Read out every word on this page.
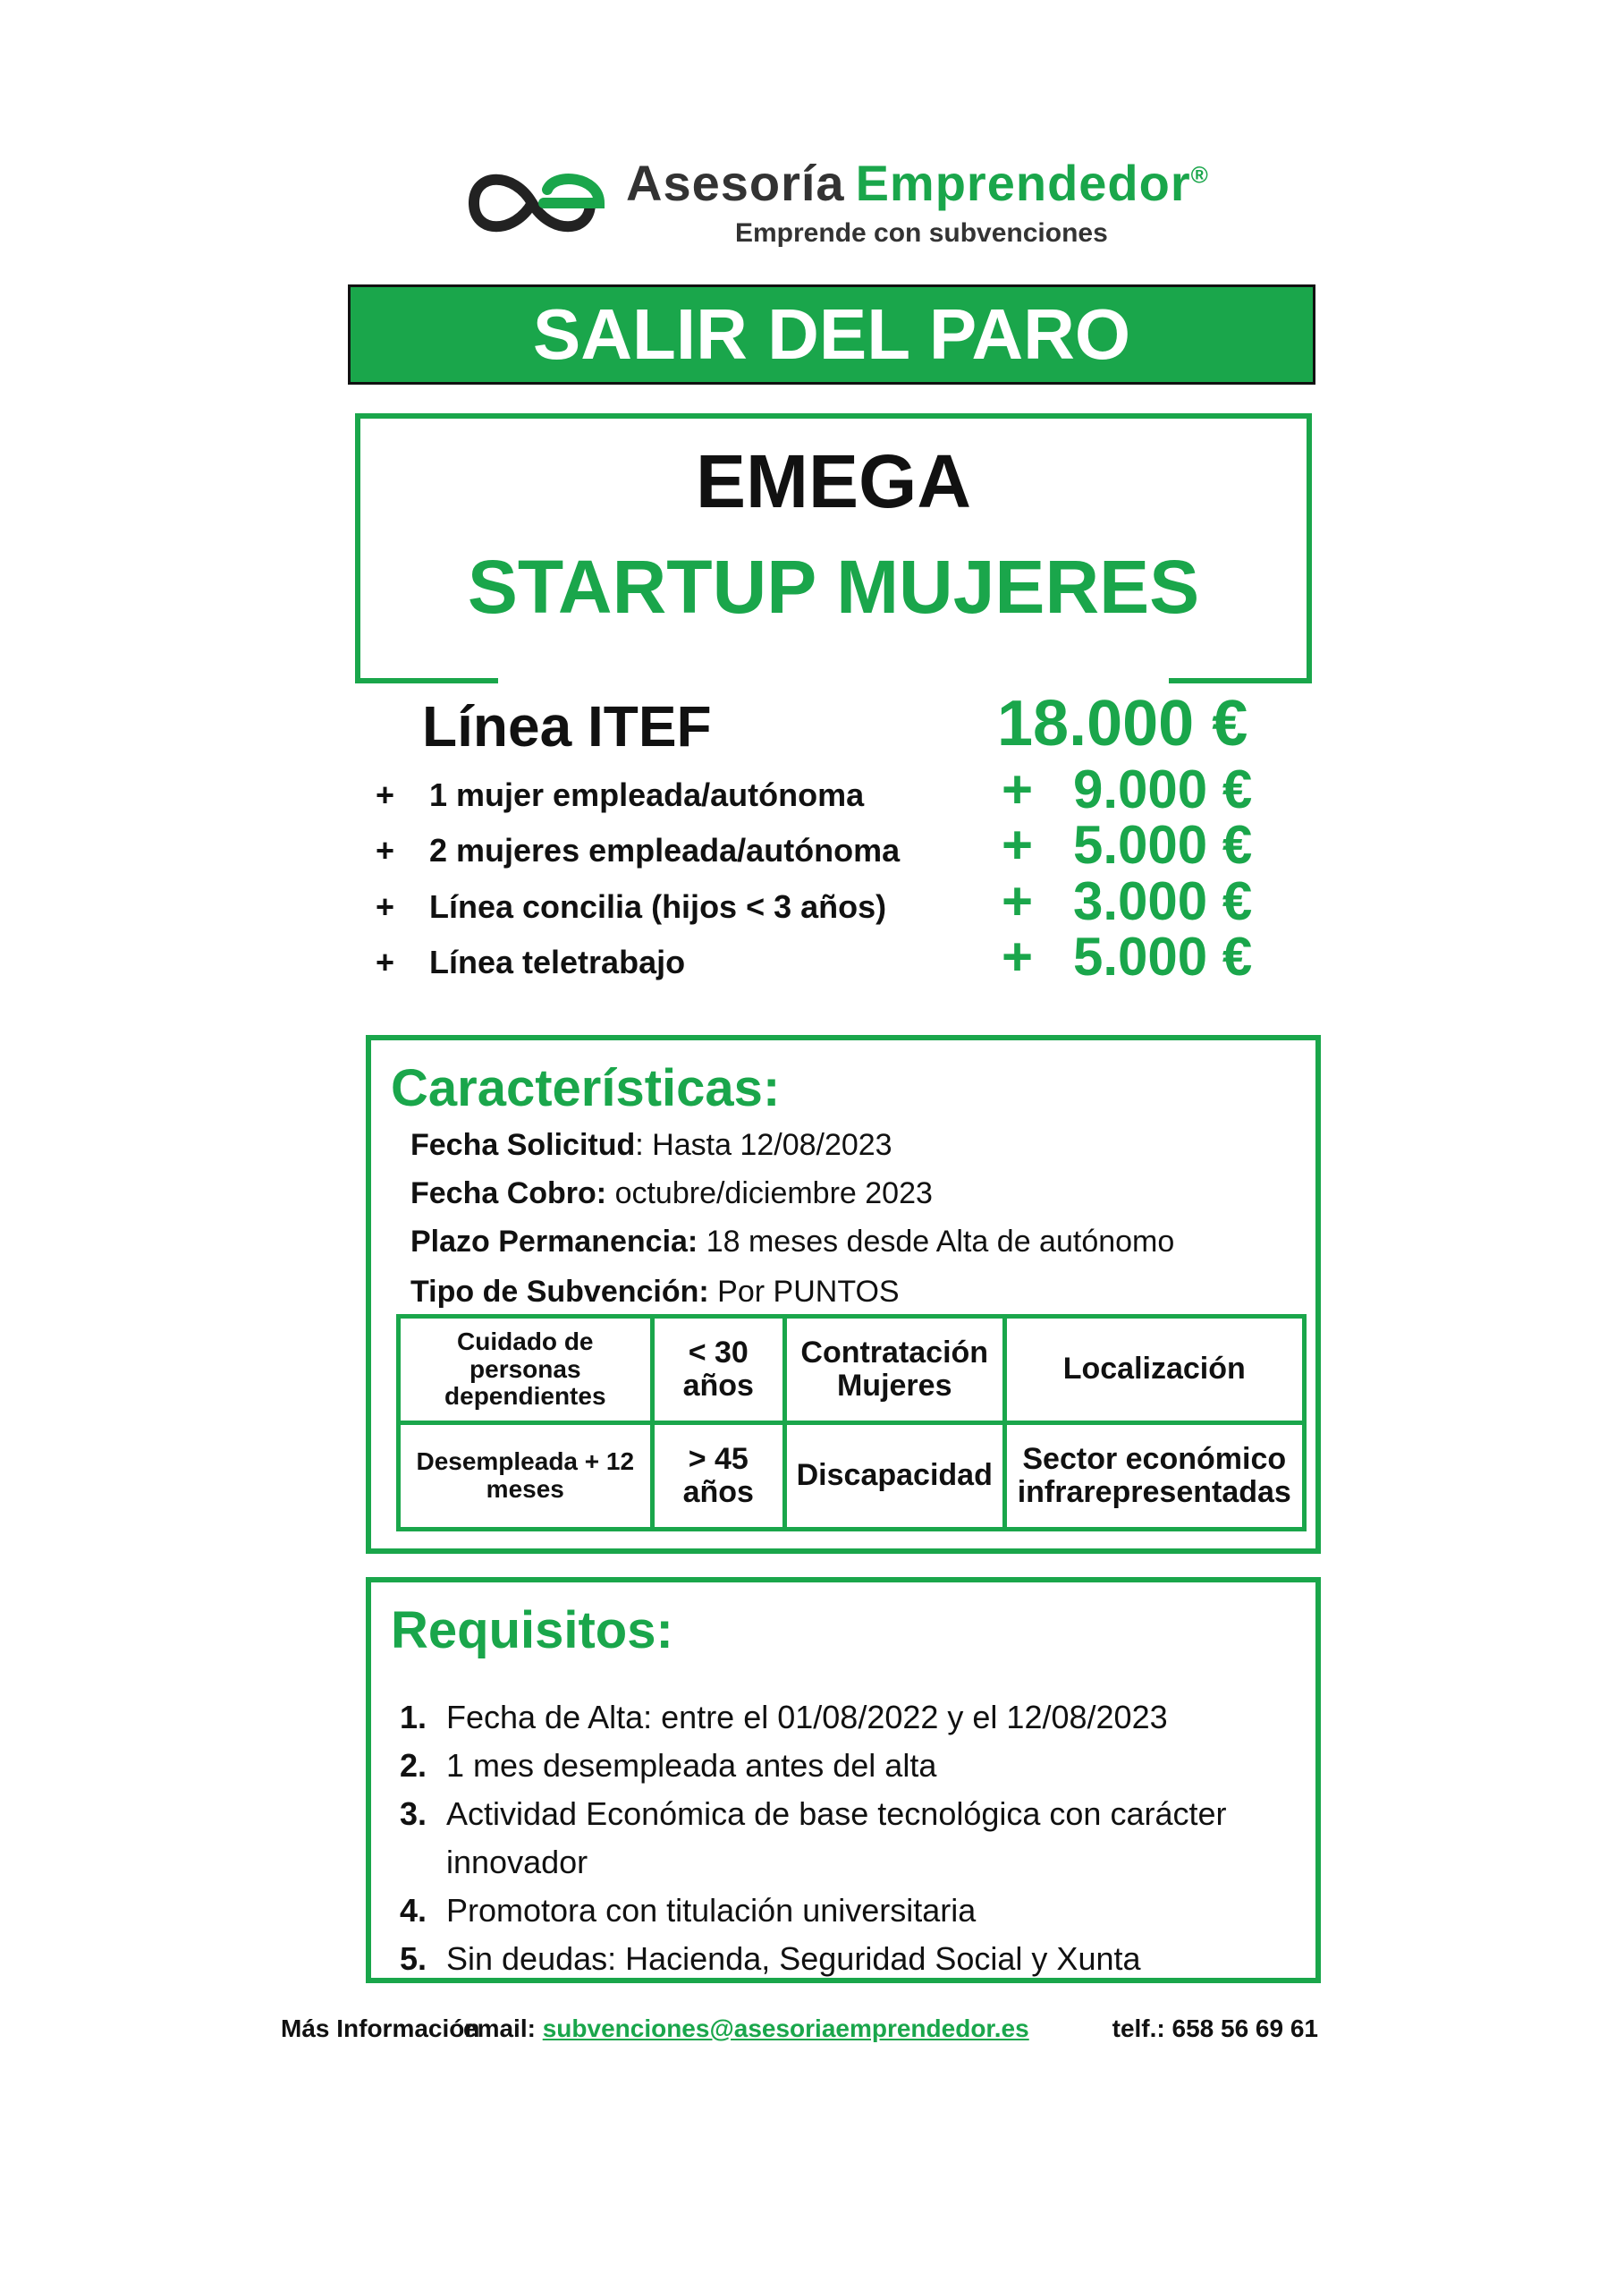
Asesoría Emprendedor®
Emprende con subvenciones
SALIR DEL PARO
EMEGA
STARTUP MUJERES
Línea ITEF	18.000 €
+ 1 mujer empleada/autónoma	+ 9.000 €
+ 2 mujeres empleada/autónoma + 5.000 €
+ Línea concilia (hijos < 3 años) + 3.000 €
+ Línea teletrabajo	+ 5.000 €
Características:
Fecha Solicitud: Hasta 12/08/2023
Fecha Cobro: octubre/diciembre 2023
Plazo Permanencia: 18 meses desde Alta de autónomo
Tipo de Subvención: Por PUNTOS
Cuidado de personas dependientes	< 30 años	Contratación Mujeres	Localización
Desempleada + 12 meses	> 45 años	Discapacidad	Sector económico infrarepresentadas
Requisitos:
1. Fecha de Alta: entre el 01/08/2022 y el 12/08/2023
2. 1 mes desempleada antes del alta
3. Actividad Económica de base tecnológica con carácter innovador
4. Promotora con titulación universitaria
5. Sin deudas: Hacienda, Seguridad Social y Xunta
Más Información
email: subvenciones@asesoriaemprendedor.es	telf.: 658 56 69 61
